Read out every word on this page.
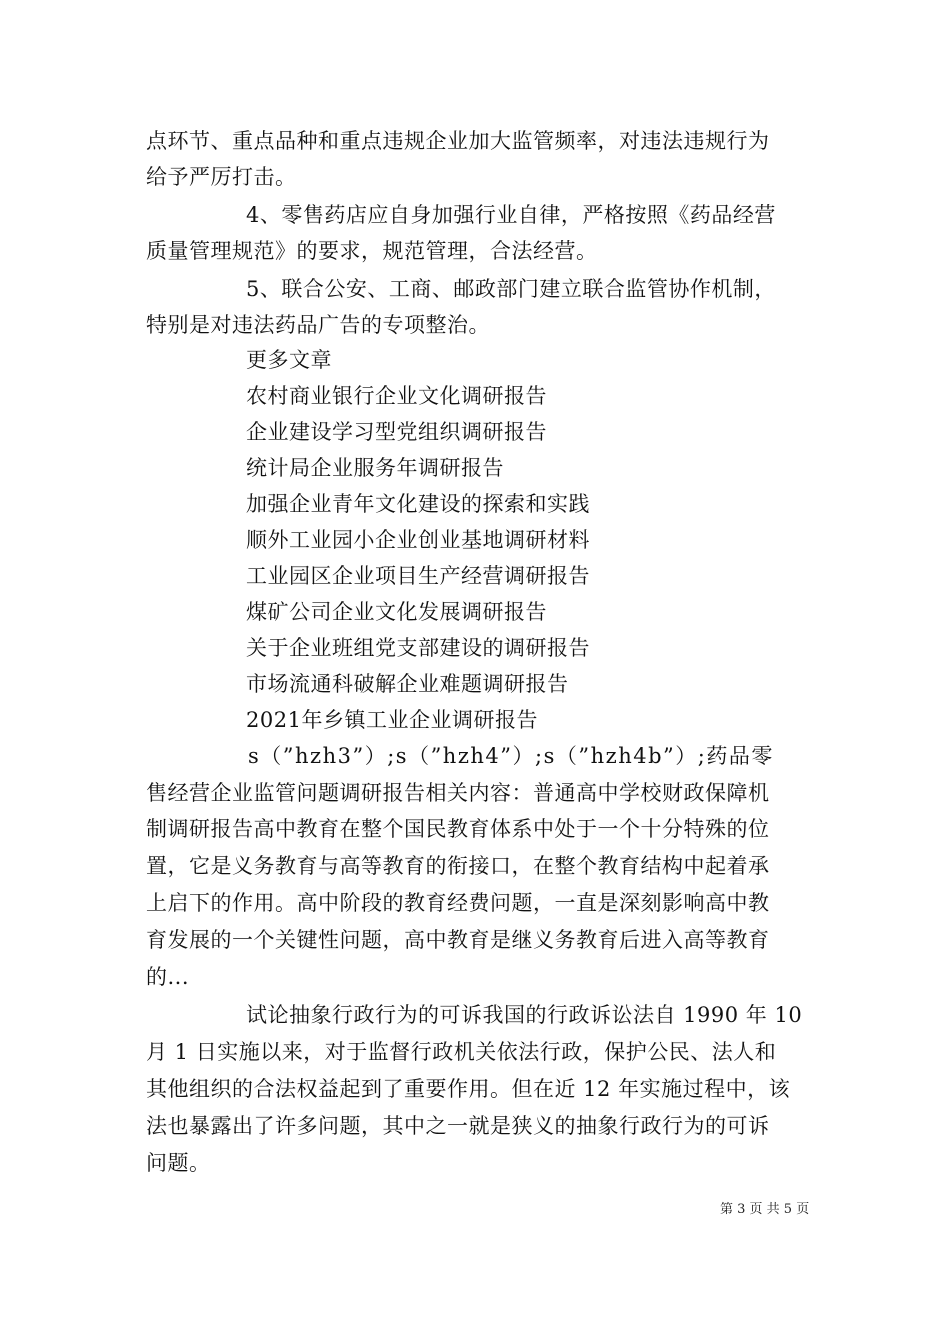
点环节、重点品种和重点违规企业加大监管频率，对违法违规行为
给予严厉打击。
4、零售药店应自身加强行业自律，严格按照《药品经营
质量管理规范》的要求，规范管理，合法经营。
5、联合公安、工商、邮政部门建立联合监管协作机制，
特别是对违法药品广告的专项整治。
更多文章
农村商业银行企业文化调研报告
企业建设学习型党组织调研报告
统计局企业服务年调研报告
加强企业青年文化建设的探索和实践
顺外工业园小企业创业基地调研材料
工业园区企业项目生产经营调研报告
煤矿公司企业文化发展调研报告
关于企业班组党支部建设的调研报告
市场流通科破解企业难题调研报告
2021年乡镇工业企业调研报告
s（”hzh3”）;s（”hzh4”）;s（”hzh4b”）;药品零
售经营企业监管问题调研报告相关内容：普通高中学校财政保障机
制调研报告高中教育在整个国民教育体系中处于一个十分特殊的位
置，它是义务教育与高等教育的衔接口，在整个教育结构中起着承
上启下的作用。高中阶段的教育经费问题，一直是深刻影响高中教
育发展的一个关键性问题，高中教育是继义务教育后进入高等教育
的...
试论抽象行政行为的可诉我国的行政诉讼法自 1990 年 10
月 1 日实施以来，对于监督行政机关依法行政，保护公民、法人和
其他组织的合法权益起到了重要作用。但在近 12 年实施过程中，该
法也暴露出了许多问题，其中之一就是狭义的抽象行政行为的可诉
问题。
第 3 页 共 5 页
